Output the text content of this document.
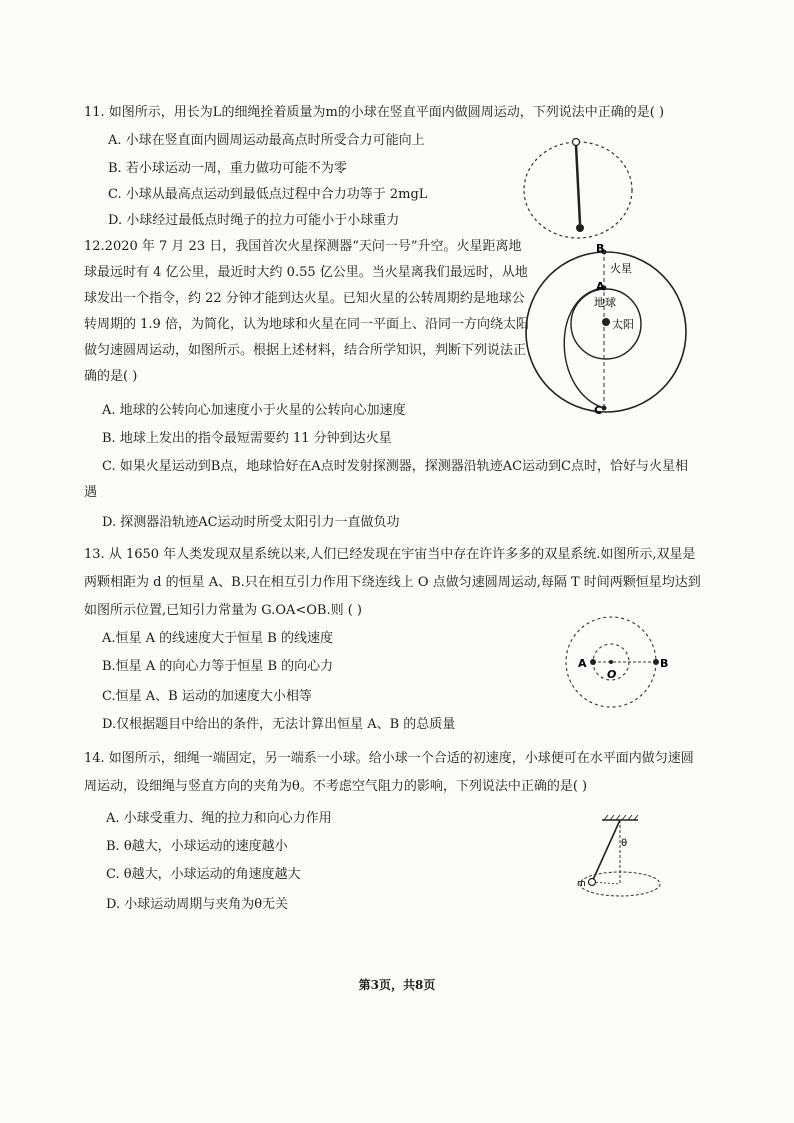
11. 如图所示，用长为L的细绳拴着质量为m的小球在竖直平面内做圆周运动，下列说法中正确的是( )
A. 小球在竖直面内圆周运动最高点时所受合力可能向上
B. 若小球运动一周，重力做功可能不为零
C. 小球从最高点运动到最低点过程中合力功等于 2mgL
D. 小球经过最低点时绳子的拉力可能小于小球重力
12.2020 年 7 月 23 日，我国首次火星探测器“天问一号”升空。火星距离地
球最远时有 4 亿公里，最近时大约 0.55 亿公里。当火星离我们最远时，从地
球发出一个指令，约 22 分钟才能到达火星。已知火星的公转周期约是地球公
转周期的 1.9 倍，为简化，认为地球和火星在同一平面上、沿同一方向绕太阳
做匀速圆周运动，如图所示。根据上述材料，结合所学知识，判断下列说法正
确的是( )
A. 地球的公转向心加速度小于火星的公转向心加速度
B. 地球上发出的指令最短需要约 11 分钟到达火星
C. 如果火星运动到B点，地球恰好在A点时发射探测器，探测器沿轨迹AC运动到C点时，恰好与火星相
遇
D. 探测器沿轨迹AC运动时所受太阳引力一直做负功
B
火星
A
地球
太阳
C
13. 从 1650 年人类发现双星系统以来,人们已经发现在宇宙当中存在许许多多的双星系统.如图所示,双星是
两颗相距为 d 的恒星 A、B.只在相互引力作用下绕连线上 O 点做匀速圆周运动,每隔 T 时间两颗恒星均达到
如图所示位置,已知引力常量为 G.OA<OB.则 ( )
A.恒星 A 的线速度大于恒星 B 的线速度
B.恒星 A 的向心力等于恒星 B 的向心力
C.恒星 A、B 运动的加速度大小相等
D.仅根据题目中给出的条件，无法计算出恒星 A、B 的总质量
A
O
B
14. 如图所示，细绳一端固定，另一端系一小球。给小球一个合适的初速度，小球便可在水平面内做匀速圆
周运动，设细绳与竖直方向的夹角为θ。不考虑空气阻力的影响，下列说法中正确的是( )
A. 小球受重力、绳的拉力和向心力作用
B. θ越大，小球运动的速度越小
C. θ越大，小球运动的角速度越大
D. 小球运动周期与夹角为θ无关
θ
m
第3页，共8页
